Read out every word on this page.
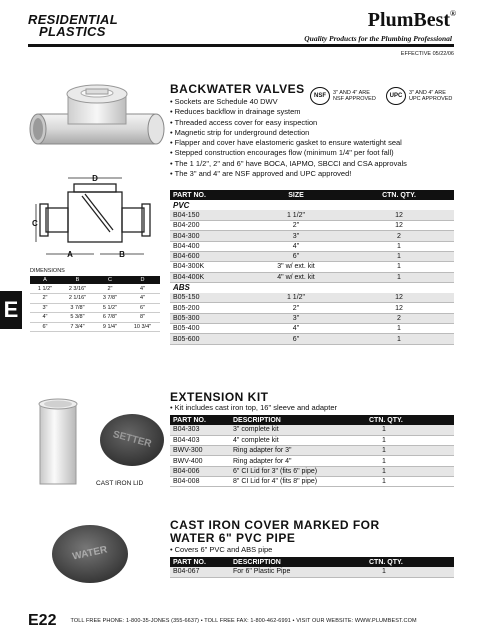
RESIDENTIAL
PLASTICS
PlumBest®
Quality Products for the Plumbing Professional
EFFECTIVE 05/22/06
E
D
C
A	B
DIMENSIONS
A	B	C	D
1 1/2"	2 3/16"	2"	4"
2"	2 1/16"	3 7/8"	4"
3"	3 7/8"	5 1/2"	6"
4"	5 3/8"	6 7/8"	8"
6"	7 3/4"	9 1/4"	10 3/4"
BACKWATER VALVES	NSF	3" AND 4" ARE
NSF APPROVED	UPC	3" AND 4" ARE
UPC APPROVED
• Sockets are Schedule 40 DWV
• Reduces backflow in drainage system
• Threaded access cover for easy inspection
• Magnetic strip for underground detection
• Flapper and cover have elastomeric gasket to ensure watertight seal
• Stepped construction encourages flow (minimum 1/4" per foot fall)
• The 1 1/2", 2" and 6" have BOCA, IAPMO, SBCCI and CSA approvals
• The 3" and 4" are NSF approved and UPC approved!
PART NO.	SIZE	CTN. QTY.
PVC		
B04-150	1 1/2"	12
B04-200	2"	12
B04-300	3"	2
B04-400	4"	1
B04-600	6"	1
B04-300K	3" w/ ext. kit	1
B04-400K	4" w/ ext. kit	1
ABS		
B05-150	1 1/2"	12
B05-200	2"	12
B05-300	3"	2
B05-400	4"	1
B05-600	6"	1
SETTER
CAST IRON LID
EXTENSION KIT
• Kit includes cast iron top, 16" sleeve and adapter
PART NO.	DESCRIPTION	CTN. QTY.
B04-303	3" complete kit	1
B04-403	4" complete kit	1
BWV-300	Ring adapter for 3"	1
BWV-400	Ring adapter for 4"	1
B04-006	6" CI Lid for 3" (fits 6" pipe)	1
B04-008	8" CI Lid for 4" (fits 8" pipe)	1
WATER
CAST IRON COVER MARKED FOR
WATER 6" PVC PIPE
• Covers 6" PVC and ABS pipe
PART NO.	DESCRIPTION	CTN. QTY.
B04-067	For 6" Plastic Pipe	1
E22	TOLL FREE PHONE: 1-800-35-JONES (355-6637) • TOLL FREE FAX: 1-800-462-6991 • VISIT OUR WEBSITE: WWW.PLUMBEST.COM
